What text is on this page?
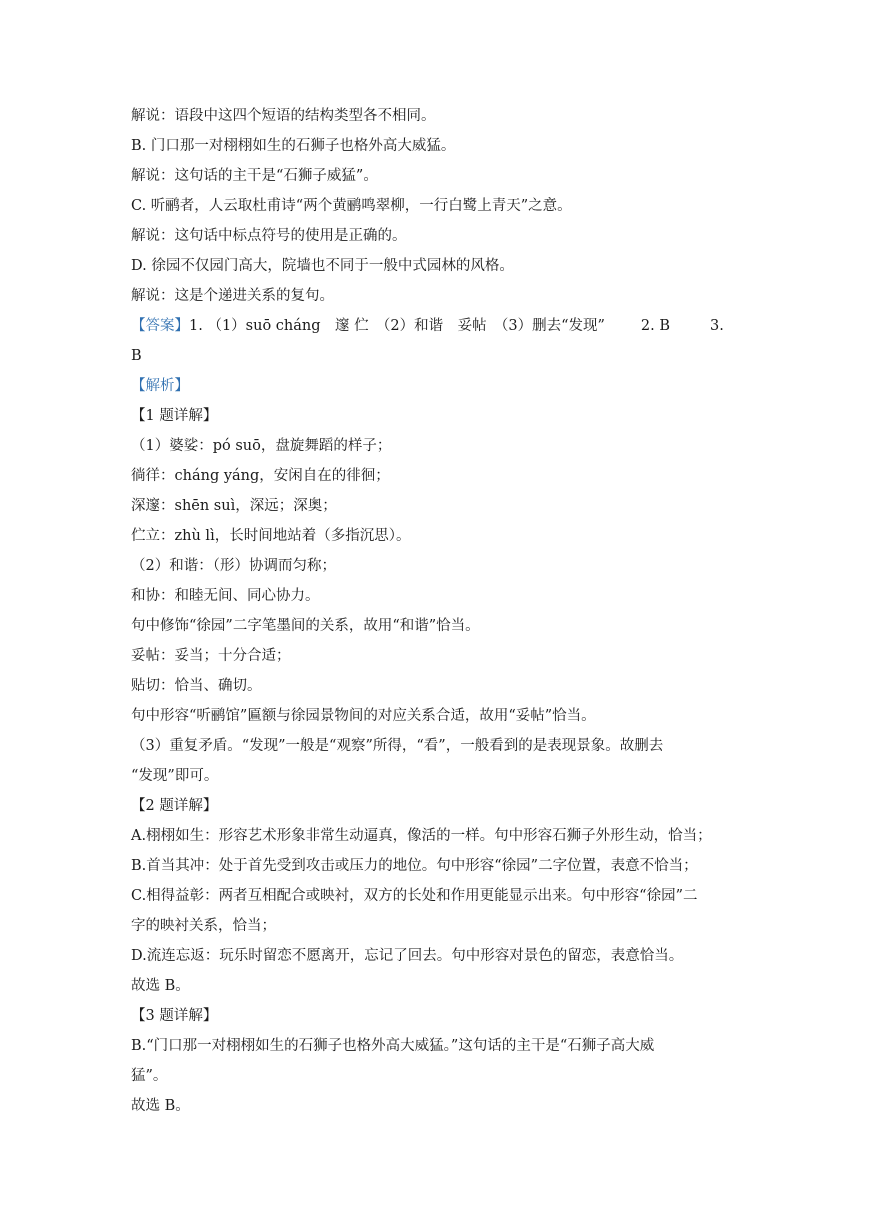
解说：语段中这四个短语的结构类型各不相同。
B. 门口那一对栩栩如生的石狮子也格外高大威猛。
解说：这句话的主干是“石狮子威猛”。
C. 听鹂者，人云取杜甫诗“两个黄鹂鸣翠柳，一行白鹭上青天”之意。
解说：这句话中标点符号的使用是正确的。
D. 徐园不仅园门高大，院墙也不同于一般中式园林的风格。
解说：这是个递进关系的复句。
【答案】1. （1）suō cháng　邃 伫　（2）和谐　妥帖　（3）删去“发现” 2. B	3.
B
【解析】
【1 题详解】
（1）婆娑：pó suō，盘旋舞蹈的样子；
徜徉：cháng yáng，安闲自在的徘徊；
深邃：shēn suì，深远；深奥；
伫立：zhù lì，长时间地站着（多指沉思）。
（2）和谐：（形）协调而匀称；
和协：和睦无间、同心协力。
句中修饰“徐园”二字笔墨间的关系，故用“和谐”恰当。
妥帖：妥当；十分合适；
贴切：恰当、确切。
句中形容“听鹂馆”匾额与徐园景物间的对应关系合适，故用“妥帖”恰当。
（3）重复矛盾。“发现”一般是“观察”所得，“看”，一般看到的是表现景象。故删去
“发现”即可。
【2 题详解】
A.栩栩如生：形容艺术形象非常生动逼真，像活的一样。句中形容石狮子外形生动，恰当；
B.首当其冲：处于首先受到攻击或压力的地位。句中形容“徐园”二字位置，表意不恰当；
C.相得益彰：两者互相配合或映衬，双方的长处和作用更能显示出来。句中形容“徐园”二
字的映衬关系，恰当；
D.流连忘返：玩乐时留恋不愿离开，忘记了回去。句中形容对景色的留恋，表意恰当。
故选 B。
【3 题详解】
B.“门口那一对栩栩如生的石狮子也格外高大威猛。”这句话的主干是“石狮子高大威
猛”。
故选 B。
